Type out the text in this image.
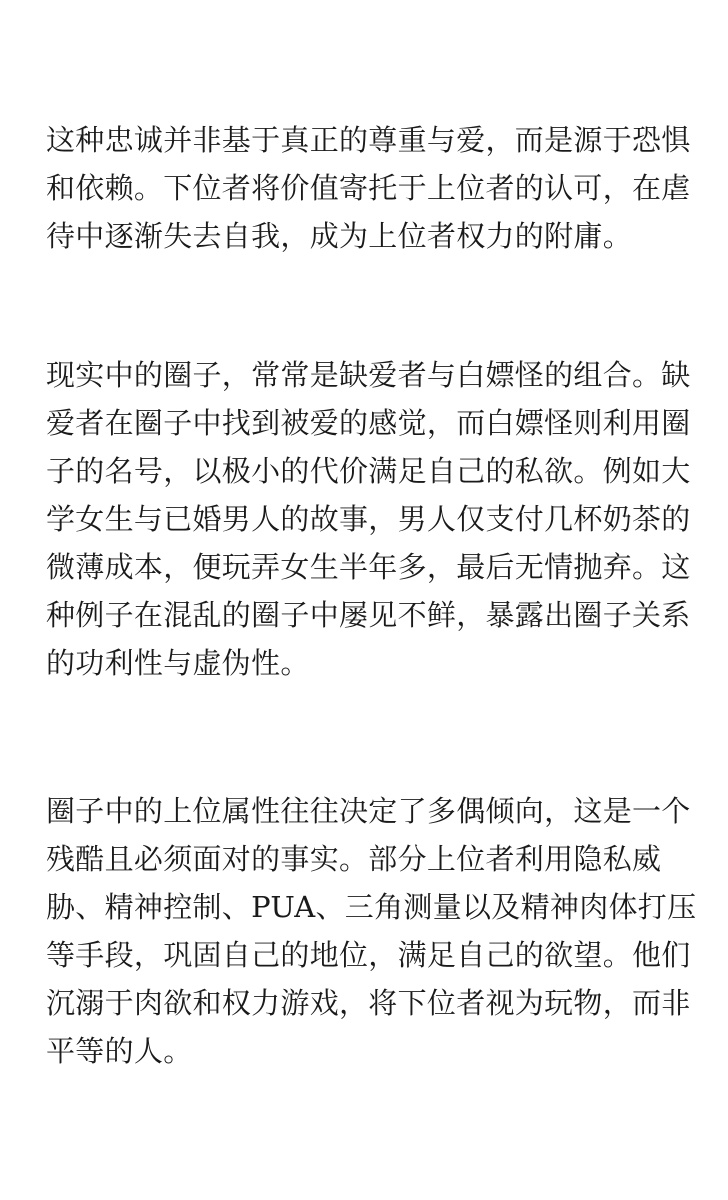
这种忠诚并非基于真正的尊重与爱，而是源于恐惧
和依赖。下位者将价值寄托于上位者的认可，在虐
待中逐渐失去自我，成为上位者权力的附庸。

现实中的圈子，常常是缺爱者与白嫖怪的组合。缺
爱者在圈子中找到被爱的感觉，而白嫖怪则利用圈
子的名号，以极小的代价满足自己的私欲。例如大
学女生与已婚男人的故事，男人仅支付几杯奶茶的
微薄成本，便玩弄女生半年多，最后无情抛弃。这
种例子在混乱的圈子中屡见不鲜，暴露出圈子关系
的功利性与虚伪性。

圈子中的上位属性往往决定了多偶倾向，这是一个
残酷且必须面对的事实。部分上位者利用隐私威
胁、精神控制、PUA、三角测量以及精神肉体打压
等手段，巩固自己的地位，满足自己的欲望。他们
沉溺于肉欲和权力游戏，将下位者视为玩物，而非
平等的人。
